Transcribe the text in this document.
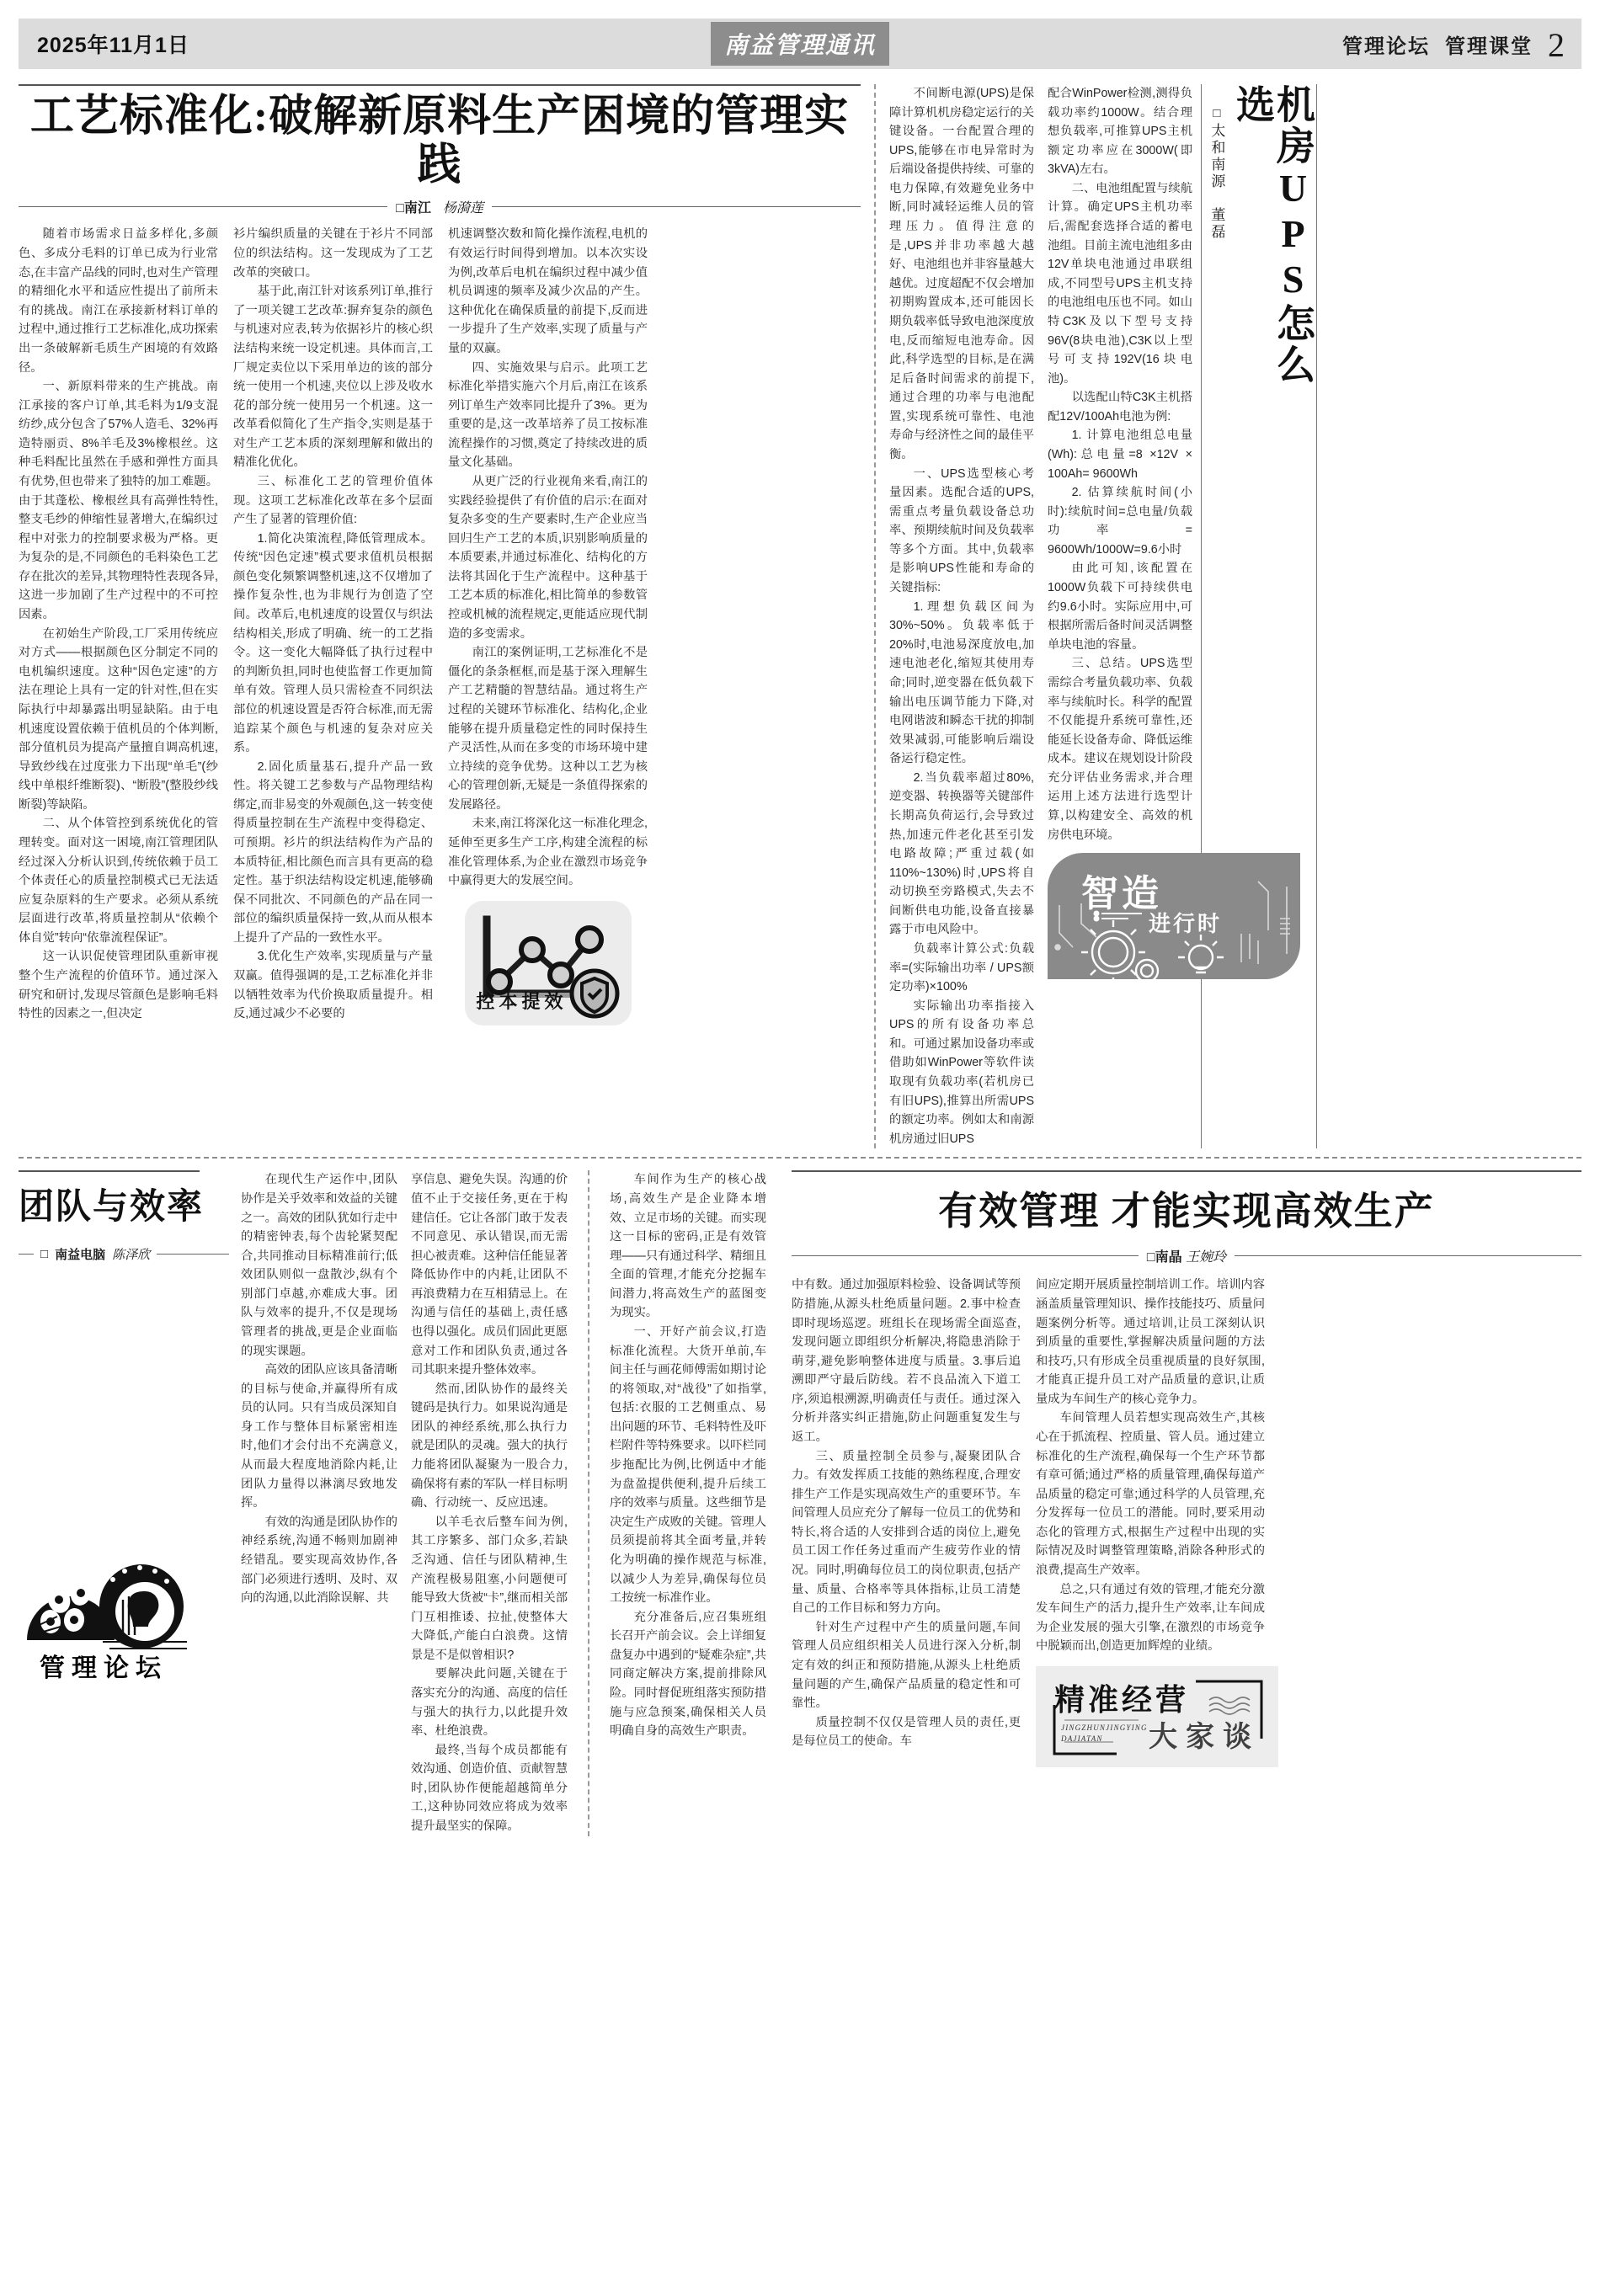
2025年11月1日	南益管理通讯	管理论坛 管理课堂 2
工艺标准化:破解新原料生产困境的管理实践
□南江 杨漪莲

随着市场需求日益多样化,多颜色、多成分毛料的订单已成为行业常态,在丰富产品线的同时,也对生产管理的精细化水平和适应性提出了前所未有的挑战。南江在承接新材料订单的过程中,通过推行工艺标准化,成功探索出一条破解新毛质生产困境的有效路径。

一、新原料带来的生产挑战。南江承接的客户订单,其毛料为1/9支混纺纱,成分包含了57%人造毛、32%再造特丽贡、8%羊毛及3%橡根丝。这种毛料配比虽然在手感和弹性方面具有优势,但也带来了独特的加工难题。由于其蓬松、橡根丝具有高弹性特性,整支毛纱的伸缩性显著增大,在编织过程中对张力的控制要求极为严格。更为复杂的是,不同颜色的毛料染色工艺存在批次的差异,其物理特性表现各异,这进一步加剧了生产过程中的不可控因素。

在初始生产阶段,工厂采用传统应对方式——根据颜色区分制定不同的电机编织速度。这种“因色定速”的方法在理论上具有一定的针对性,但在实际执行中却暴露出明显缺陷。由于电机速度设置依赖于值机员的个体判断,部分值机员为提高产量擅自调高机速,导致纱线在过度张力下出现“单毛”(纱线中单根纤维断裂)、“断股”(整股纱线断裂)等缺陷。

二、从个体管控到系统优化的管理转变。面对这一困境,南江管理团队经过深入分析认识到,传统依赖于员工个体责任心的质量控制模式已无法适应复杂原料的生产要求。必须从系统层面进行改革,将质量控制从“依赖个体自觉”转向“依靠流程保证”。

这一认识促使管理团队重新审视整个生产流程的价值环节。通过深入研究和研讨,发现尽管颜色是影响毛料特性的因素之一,但决定

衫片编织质量的关键在于衫片不同部位的织法结构。这一发现成为了工艺改革的突破口。

基于此,南江针对该系列订单,推行了一项关键工艺改革:摒弃复杂的颜色与机速对应表,转为依据衫片的核心织法结构来统一设定机速。具体而言,工厂规定卖位以下采用单边的该的部分统一使用一个机速,夹位以上涉及收水花的部分统一使用另一个机速。这一改革看似简化了生产指令,实则是基于对生产工艺本质的深刻理解和做出的精准化优化。

三、标准化工艺的管理价值体现。这项工艺标准化改革在多个层面产生了显著的管理价值:

1.简化决策流程,降低管理成本。传统“因色定速”模式要求值机员根据颜色变化频繁调整机速,这不仅增加了操作复杂性,也为非规行为创造了空间。改革后,电机速度的设置仅与织法结构相关,形成了明确、统一的工艺指令。这一变化大幅降低了执行过程中的判断负担,同时也使监督工作更加简单有效。管理人员只需检查不同织法部位的机速设置是否符合标准,而无需追踪某个颜色与机速的复杂对应关系。

2.固化质量基石,提升产品一致性。将关键工艺参数与产品物理结构绑定,而非易变的外观颜色,这一转变使得质量控制在生产流程中变得稳定、可预期。衫片的织法结构作为产品的本质特征,相比颜色而言具有更高的稳定性。基于织法结构设定机速,能够确保不同批次、不同颜色的产品在同一部位的编织质量保持一致,从而从根本上提升了产品的一致性水平。

3.优化生产效率,实现质量与产量双赢。值得强调的是,工艺标准化并非以牺牲效率为代价换取质量提升。相反,通过减少不必要的

机速调整次数和简化操作流程,电机的有效运行时间得到增加。以本次实设为例,改革后电机在编织过程中减少值机员调速的频率及减少次品的产生。这种优化在确保质量的前提下,反而进一步提升了生产效率,实现了质量与产量的双赢。

四、实施效果与启示。此项工艺标准化举措实施六个月后,南江在该系列订单生产效率同比提升了3%。更为重要的是,这一改革培养了员工按标准流程操作的习惯,奠定了持续改进的质量文化基础。

从更广泛的行业视角来看,南江的实践经验提供了有价值的启示:在面对复杂多变的生产要素时,生产企业应当回归生产工艺的本质,识别影响质量的本质要素,并通过标准化、结构化的方法将其固化于生产流程中。这种基于工艺本质的标准化,相比简单的参数管控或机械的流程规定,更能适应现代制造的多变需求。

南江的案例证明,工艺标准化不是僵化的条条框框,而是基于深入理解生产工艺精髓的智慧结晶。通过将生产过程的关键环节标准化、结构化,企业能够在提升质量稳定性的同时保持生产灵活性,从而在多变的市场环境中建立持续的竞争优势。这种以工艺为核心的管理创新,无疑是一条值得探索的发展路径。

未来,南江将深化这一标准化理念,延伸至更多生产工序,构建全流程的标准化管理体系,为企业在激烈市场竞争中赢得更大的发展空间。

控本提效

不间断电源(UPS)是保障计算机机房稳定运行的关键设备。一台配置合理的UPS,能够在市电异常时为后端设备提供持续、可靠的电力保障,有效避免业务中断,同时减轻运维人员的管理压力。值得注意的是,UPS并非功率越大越好、电池组也并非容量越大越优。过度超配不仅会增加初期购置成本,还可能因长期负载率低导致电池深度放电,反而缩短电池寿命。因此,科学选型的目标,是在满足后备时间需求的前提下,通过合理的功率与电池配置,实现系统可靠性、电池寿命与经济性之间的最佳平衡。

一、UPS选型核心考量因素。选配合适的UPS,需重点考量负载设备总功率、预期续航时间及负载率等多个方面。其中,负载率是影响UPS性能和寿命的关键指标:

1.理想负载区间为30%~50%。负载率低于20%时,电池易深度放电,加速电池老化,缩短其使用寿命;同时,逆变器在低负载下输出电压调节能力下降,对电网谐波和瞬态干扰的抑制效果减弱,可能影响后端设备运行稳定性。

2.当负载率超过80%,逆变器、转换器等关键部件长期高负荷运行,会导致过热,加速元件老化甚至引发电路故障;严重过载(如110%~130%)时,UPS将自动切换至旁路模式,失去不间断供电功能,设备直接暴露于市电风险中。

负载率计算公式:负载率=(实际输出功率 / UPS额定功率)×100%

实际输出功率指接入UPS的所有设备功率总和。可通过累加设备功率或借助如WinPower等软件读取现有负载功率(若机房已有旧UPS),推算出所需UPS的额定功率。例如太和南源机房通过旧UPS

配合WinPower检测,测得负载功率约1000W。结合理想负载率,可推算UPS主机额定功率应在3000W(即3kVA)左右。

二、电池组配置与续航计算。确定UPS主机功率后,需配套选择合适的蓄电池组。目前主流电池组多由12V单块电池通过串联组成,不同型号UPS主机支持的电池组电压也不同。如山特C3K及以下型号支持96V(8块电池),C3K以上型号可支持192V(16块电池)。

以选配山特C3K主机搭配12V/100Ah电池为例:

1. 计算电池组总电量(Wh):总电量=8 ×12V × 100Ah= 9600Wh

2. 估算续航时间(小时):续航时间=总电量/负载功率 = 9600Wh/1000W=9.6小时

由此可知,该配置在1000W负载下可持续供电约9.6小时。实际应用中,可根据所需后备时间灵活调整单块电池的容量。

三、总结。UPS选型需综合考量负载功率、负载率与续航时长。科学的配置不仅能提升系统可靠性,还能延长设备寿命、降低运维成本。建议在规划设计阶段充分评估业务需求,并合理运用上述方法进行选型计算,以构建安全、高效的机房供电环境。

智造
进行时
□太和南源　董磊	机房UPS怎么选
团队与效率
□ 南益电脑 陈泽欣
管理论坛

在现代生产运作中,团队协作是关乎效率和效益的关键之一。高效的团队犹如行走中的精密钟表,每个齿轮紧契配合,共同推动目标精准前行;低效团队则似一盘散沙,纵有个别部门卓越,亦难成大事。团队与效率的提升,不仅是现场管理者的挑战,更是企业面临的现实课题。

高效的团队应该具备清晰的目标与使命,并赢得所有成员的认同。只有当成员深知自身工作与整体目标紧密相连时,他们才会付出不充满意义,从而最大程度地消除内耗,让团队力量得以淋漓尽致地发挥。

有效的沟通是团队协作的神经系统,沟通不畅则加剧神经错乱。要实现高效协作,各部门必须进行透明、及时、双向的沟通,以此消除误解、共

享信息、避免失误。沟通的价值不止于交接任务,更在于构建信任。它让各部门敢于发表不同意见、承认错误,而无需担心被责难。这种信任能显著降低协作中的内耗,让团队不再浪费精力在互相猜忌上。在沟通与信任的基础上,责任感也得以强化。成员们固此更愿意对工作和团队负责,通过各司其职来提升整体效率。

然而,团队协作的最终关键码是执行力。如果说沟通是团队的神经系统,那么执行力就是团队的灵魂。强大的执行力能将团队凝聚为一股合力,确保将有素的军队一样目标明确、行动统一、反应迅速。

以羊毛衣后整车间为例,其工序繁多、部门众多,若缺乏沟通、信任与团队精神,生产流程极易阻塞,小问题便可能导致大货被“卡”,继而相关部门互相推诿、拉扯,使整体大大降低,产能白白浪费。这情景是不是似曾相识?

要解决此问题,关键在于落实充分的沟通、高度的信任与强大的执行力,以此提升效率、杜绝浪费。

最终,当每个成员都能有效沟通、创造价值、贡献智慧时,团队协作便能超越简单分工,这种协同效应将成为效率提升最坚实的保障。

车间作为生产的核心战场,高效生产是企业降本增效、立足市场的关键。而实现这一目标的密码,正是有效管理——只有通过科学、精细且全面的管理,才能充分挖掘车间潜力,将高效生产的蓝图变为现实。

一、开好产前会议,打造标准化流程。大货开单前,车间主任与画花师傅需如期讨论的将领取,对“战役”了如指掌,包括:衣服的工艺侧重点、易出问题的环节、毛料特性及吓栏附件等特殊要求。以吓栏同步拖配比为例,比例适中才能为盘盈提供便利,提升后续工序的效率与质量。这些细节是决定生产成败的关键。管理人员须提前将其全面考量,并转化为明确的操作规范与标准,以减少人为差异,确保每位员工按统一标准作业。

充分准备后,应召集班组长召开产前会议。会上详细复盘复办中遇到的“疑难杂症”,共同商定解决方案,提前排除风险。同时督促班组落实预防措施与应急预案,确保相关人员明确自身的高效生产职责。

有效管理 才能实现高效生产
□南晶 王婉玲

中有数。通过加强原料检验、设备调试等预防措施,从源头杜绝质量问题。2.事中检查即时现场巡逻。班组长在现场需全面巡查,发现问题立即组织分析解决,将隐患消除于萌芽,避免影响整体进度与质量。3.事后追溯即严守最后防线。若不良品流入下道工序,须追根溯源,明确责任与责任。通过深入分析并落实纠正措施,防止问题重复发生与返工。

三、质量控制全员参与,凝聚团队合力。有效发挥质工技能的熟练程度,合理安排生产工作是实现高效生产的重要环节。车间管理人员应充分了解每一位员工的优势和特长,将合适的人安排到合适的岗位上,避免员工因工作任务过重而产生疲劳作业的情况。同时,明确每位员工的岗位职责,包括产量、质量、合格率等具体指标,让员工清楚自己的工作目标和努力方向。

针对生产过程中产生的质量问题,车间管理人员应组织相关人员进行深入分析,制定有效的纠正和预防措施,从源头上杜绝质量问题的产生,确保产品质量的稳定性和可靠性。

质量控制不仅仅是管理人员的责任,更是每位员工的使命。车

间应定期开展质量控制培训工作。培训内容涵盖质量管理知识、操作技能技巧、质量问题案例分析等。通过培训,让员工深刻认识到质量的重要性,掌握解决质量问题的方法和技巧,只有形成全员重视质量的良好氛围,才能真正提升员工对产品质量的意识,让质量成为车间生产的核心竞争力。

车间管理人员若想实现高效生产,其核心在于抓流程、控质量、管人员。通过建立标准化的生产流程,确保每一个生产环节都有章可循;通过严格的质量管理,确保每道产品质量的稳定可靠;通过科学的人员管理,充分发挥每一位员工的潜能。同时,要采用动态化的管理方式,根据生产过程中出现的实际情况及时调整管理策略,消除各种形式的浪费,提高生产效率。

总之,只有通过有效的管理,才能充分激发车间生产的活力,提升生产效率,让车间成为企业发展的强大引擎,在激烈的市场竞争中脱颖而出,创造更加辉煌的业绩。

精准经营
JINGZHUNJINGYING
DAJIATAN	大家谈
